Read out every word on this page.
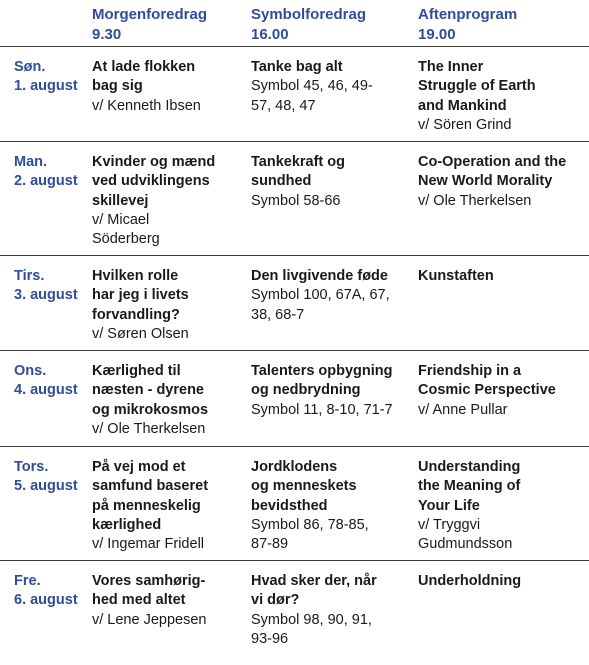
Morgenforedrag
9.30
Symbolforedrag
16.00
Aftenprogram
19.00
Søn.
1. august
At lade flokken
bag sig
v/ Kenneth Ibsen
Tanke bag alt
Symbol 45, 46, 49-
57, 48, 47
The Inner
Struggle of Earth
and Mankind
v/ Sören Grind
Man.
2. august
Kvinder og mænd
ved udviklingens
skillevej
v/ Micael
Söderberg
Tankekraft og
sundhed
Symbol 58-66
Co-Operation and the
New World Morality
v/ Ole Therkelsen
Tirs.
3. august
Hvilken rolle
har jeg i livets
forvandling?
v/ Søren Olsen
Den livgivende føde
Symbol 100, 67A, 67,
38, 68-7
Kunstaften
Ons.
4. august
Kærlighed til
næsten - dyrene
og mikrokosmos
v/ Ole Therkelsen
Talenters opbygning
og nedbrydning
Symbol 11, 8-10, 71-7
Friendship in a
Cosmic Perspective
v/ Anne Pullar
Tors.
5. august
På vej mod et
samfund baseret
på menneskelig
kærlighed
v/ Ingemar Fridell
Jordklodens
og menneskets
bevidsthed
Symbol 86, 78-85,
87-89
Understanding
the Meaning of
Your Life
v/ Tryggvi
Gudmundsson
Fre.
6. august
Vores samhørig-
hed med altet
v/ Lene Jeppesen
Hvad sker der, når
vi dør?
Symbol 98, 90, 91,
93-96
Underholdning
